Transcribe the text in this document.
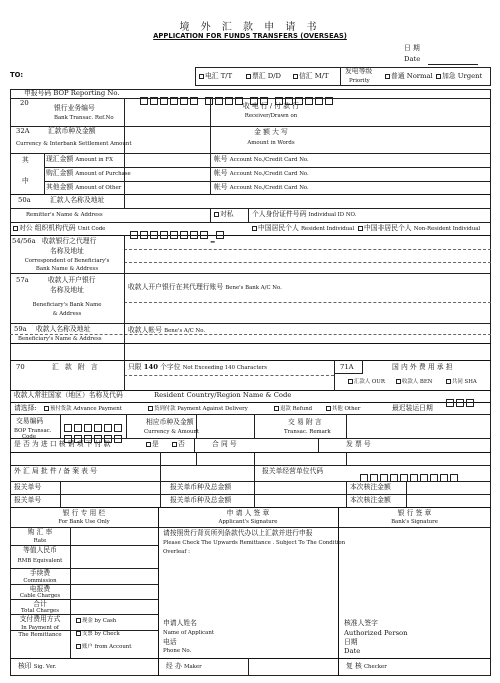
境 外 汇 款 申 请 书
APPLICATION FOR FUNDS TRANSFERS (OVERSEAS)
日 期
Date
TO:	电汇 T/T	票汇 D/D	信汇 M/T
发电等级
Priority
普通 Normal	加急 Urgent
申报号码 BOP Reporting No.
20
银行业务编号
Bank Transac. Ref.No
收 电 行 / 付 款 行
Receiver/Drawn on
32A	汇款币种及金额
Currency & Interbank Settlement Amount
金 额 大 写
Amount in Words
其
中
现汇金额 Amount in FX	帐号 Account No./Credit Card No.
购汇金额 Amount of Purchase	帐号 Account No./Credit Card No.
其他金额 Amount of Other	帐号 Account No./Credit Card No.
50a	汇款人名称及地址
Remitter's Name & Address	对私	个人身份证件号码 Individual ID NO.
对公 组织机构代码 Unit Code
-
中国居民个人 Resident Individual	中国非居民个人 Non-Resident Individual
54/56a 收款银行之代理行
名称及地址
Correspondent of Beneficiary's
Bank Name & Address
57a	收款人开户银行
名称及地址
Beneficiary's Bank Name
& Address
收款人开户银行在其代理行账号 Bene's Bank A/C No.
59a 收款人名称及地址
Beneficiary's Name & Address
收款人帐号 Bene's A/C No.
70	汇 款 附 言	只限 140 个字位 Not Exceeding 140 Characters	71A	国 内 外 费 用 承 担
汇款人 OUR	收款人 BEN	共同 SHA
收款人常驻国家（地区）名称及代码	Resident Country/Region Name & Code
请选择:	预付货款 Advance Payment	货到付款 Payment Against Delivery	退款 Refund	其他 Other	最迟装运日期
交易编码
BOP Transac.
Code
相应币种及金额
Currency & Amount
交 易 附 言
Transac. Remark
是 否 为 进 口 核 销 项 下 付 款	是	否	合 同 号	发 票 号
外 汇 局 批 件 / 备 案 表 号	报关单经营单位代码
报关单号	报关单币种及总金额	本次核注金额
报关单号	报关单币种及总金额	本次核注金额
银 行 专 用 栏
For Bank Use Only
购 汇 率
Rate
等值人民币
RMB Equivalent
手续费
Commission
电报费
Cable Charges
合计
Total Charges
支付费用方式
In Payment of
The Remittance
现金 by Cash
支票 by Check
账户 from Account
核印 Sig. Ver.	经 办 Maker	复 核 Checker
申 请 人 签 章
Applicant's Signature
请按照贵行背页所列条款代办以上汇款并进行申报
Please Check The Upwards Remittance . Subject To The Condition
Overleaf :
申请人姓名
Name of Applicant
电话
Phone No.
银 行 签 章
Bank's Signature
核准人签字
Authorized Person
日期
Date
